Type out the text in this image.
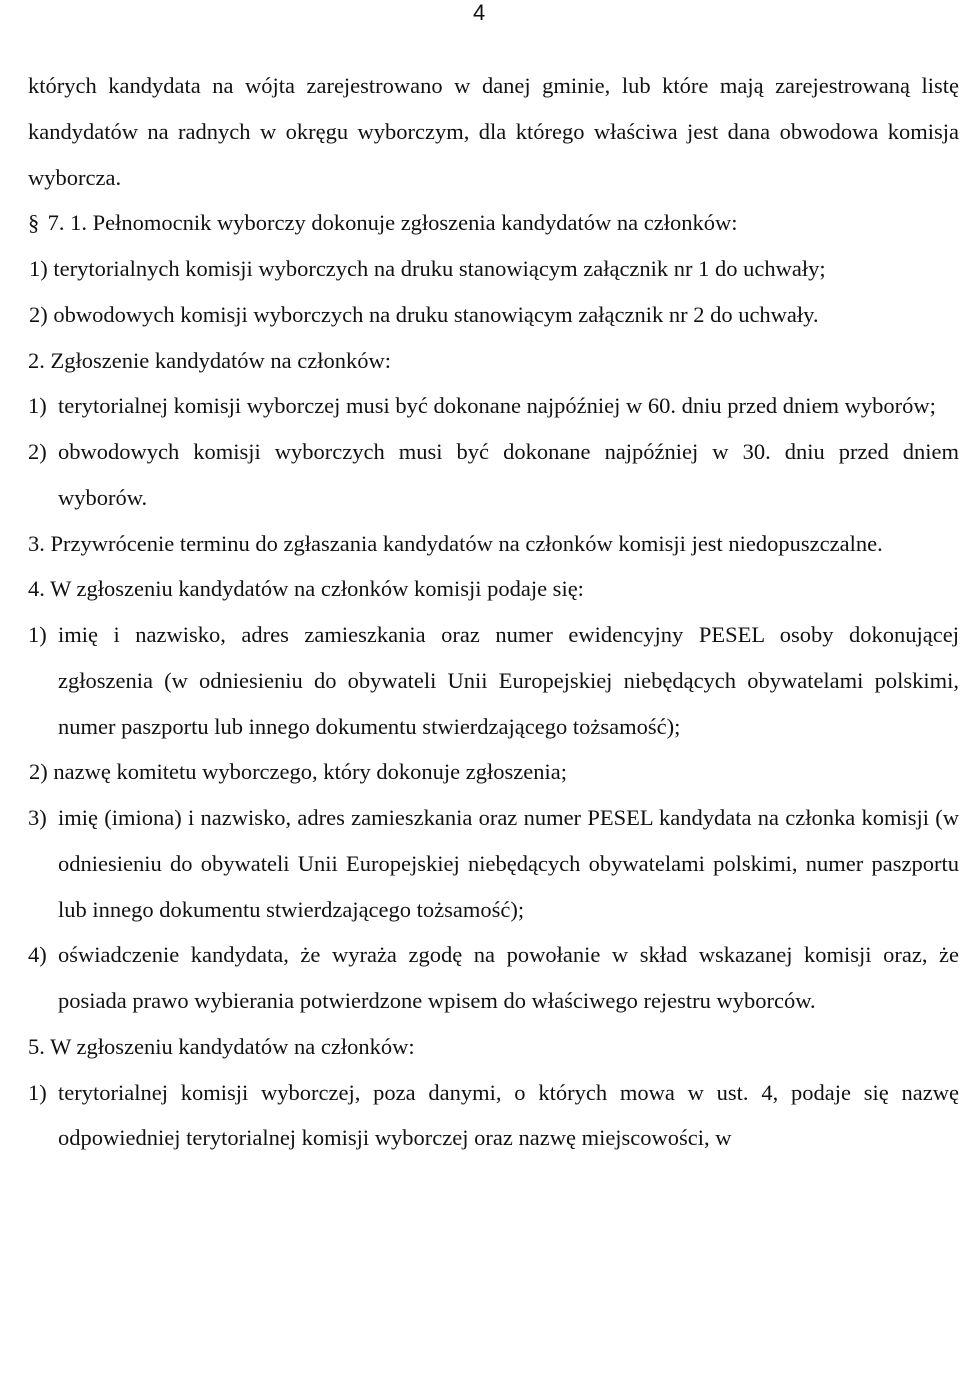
4

których kandydata na wójta zarejestrowano w danej gminie, lub które mają zarejestrowaną listę kandydatów na radnych w okręgu wyborczym, dla którego właściwa jest dana obwodowa komisja wyborcza.

§ 7. 1. Pełnomocnik wyborczy dokonuje zgłoszenia kandydatów na członków:

1) terytorialnych komisji wyborczych na druku stanowiącym załącznik nr 1 do uchwały;

2) obwodowych komisji wyborczych na druku stanowiącym załącznik nr 2 do uchwały.

2. Zgłoszenie kandydatów na członków:

1) terytorialnej komisji wyborczej musi być dokonane najpóźniej w 60. dniu przed dniem wyborów;
2) obwodowych komisji wyborczych musi być dokonane najpóźniej w 30. dniu przed dniem wyborów.

3. Przywrócenie terminu do zgłaszania kandydatów na członków komisji jest niedopuszczalne.

4. W zgłoszeniu kandydatów na członków komisji podaje się:

1) imię i nazwisko, adres zamieszkania oraz numer ewidencyjny PESEL osoby dokonującej zgłoszenia (w odniesieniu do obywateli Unii Europejskiej niebędących obywatelami polskimi, numer paszportu lub innego dokumentu stwierdzającego tożsamość);

2) nazwę komitetu wyborczego, który dokonuje zgłoszenia;

3) imię (imiona) i nazwisko, adres zamieszkania oraz numer PESEL kandydata na członka komisji (w odniesieniu do obywateli Unii Europejskiej niebędących obywatelami polskimi, numer paszportu lub innego dokumentu stwierdzającego tożsamość);
4) oświadczenie kandydata, że wyraża zgodę na powołanie w skład wskazanej komisji oraz, że posiada prawo wybierania potwierdzone wpisem do właściwego rejestru wyborców.

5. W zgłoszeniu kandydatów na członków:

1) terytorialnej komisji wyborczej, poza danymi, o których mowa w ust. 4, podaje się nazwę odpowiedniej terytorialnej komisji wyborczej oraz nazwę miejscowości, w
